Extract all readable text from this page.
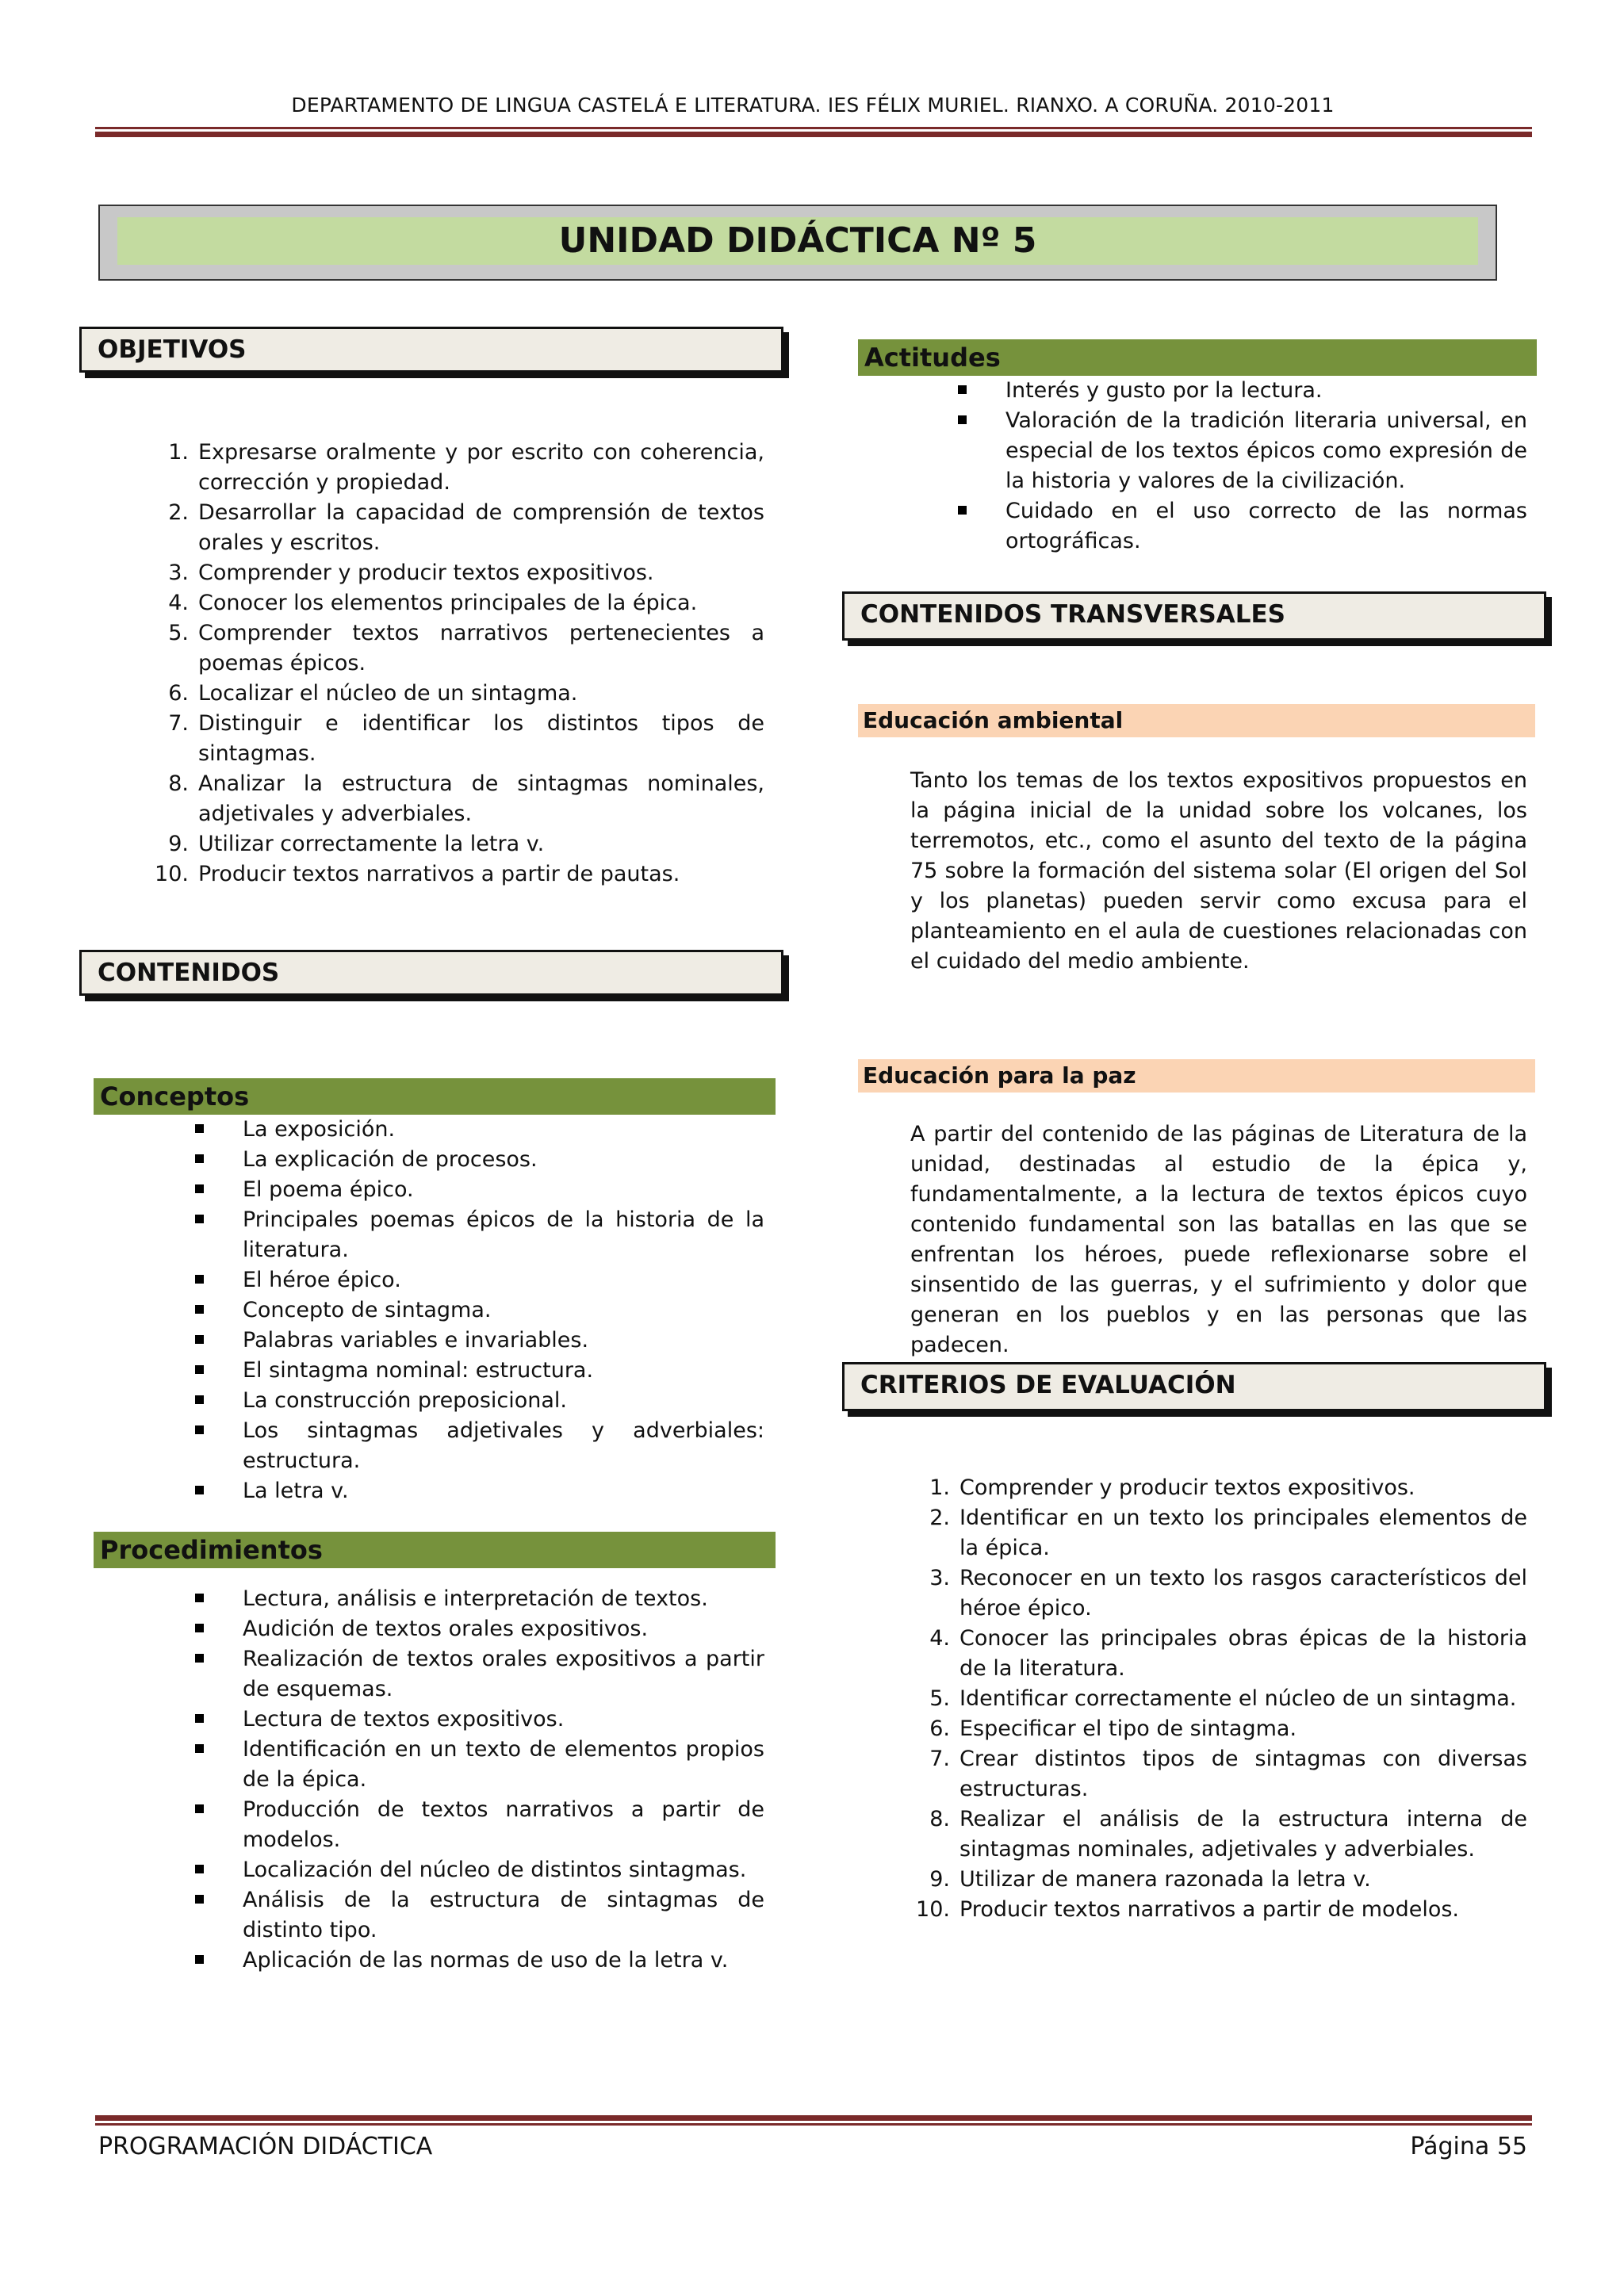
DEPARTAMENTO DE LINGUA CASTELÁ E LITERATURA. IES FÉLIX MURIEL. RIANXO. A CORUÑA. 2010-2011
UNIDAD DIDÁCTICA Nº 5
OBJETIVOS
1. Expresarse oralmente y por escrito con coherencia, corrección y propiedad.
2. Desarrollar la capacidad de comprensión de textos orales y escritos.
3. Comprender y producir textos expositivos.
4. Conocer los elementos principales de la épica.
5. Comprender textos narrativos pertenecientes a poemas épicos.
6. Localizar el núcleo de un sintagma.
7. Distinguir e identificar los distintos tipos de sintagmas.
8. Analizar la estructura de sintagmas nominales, adjetivales y adverbiales.
9. Utilizar correctamente la letra v.
10. Producir textos narrativos a partir de pautas.
CONTENIDOS
Conceptos
La exposición.
La explicación de procesos.
El poema épico.
Principales poemas épicos de la historia de la literatura.
El héroe épico.
Concepto de sintagma.
Palabras variables e invariables.
El sintagma nominal: estructura.
La construcción preposicional.
Los sintagmas adjetivales y adverbiales: estructura.
La letra v.
Procedimientos
Lectura, análisis e interpretación de textos.
Audición de textos orales expositivos.
Realización de textos orales expositivos a partir de esquemas.
Lectura de textos expositivos.
Identificación en un texto de elementos propios de la épica.
Producción de textos narrativos a partir de modelos.
Localización del núcleo de distintos sintagmas.
Análisis de la estructura de sintagmas de distinto tipo.
Aplicación de las normas de uso de la letra v.
Actitudes
Interés y gusto por la lectura.
Valoración de la tradición literaria universal, en especial de los textos épicos como expresión de la historia y valores de la civilización.
Cuidado en el uso correcto de las normas ortográficas.
CONTENIDOS TRANSVERSALES
Educación ambiental
Tanto los temas de los textos expositivos propuestos en la página inicial de la unidad sobre los volcanes, los terremotos, etc., como el asunto del texto de la página 75 sobre la formación del sistema solar (El origen del Sol y los planetas) pueden servir como excusa para el planteamiento en el aula de cuestiones relacionadas con el cuidado del medio ambiente.
Educación para la paz
A partir del contenido de las páginas de Literatura de la unidad, destinadas al estudio de la épica y, fundamentalmente, a la lectura de textos épicos cuyo contenido fundamental son las batallas en las que se enfrentan los héroes, puede reflexionarse sobre el sinsentido de las guerras, y el sufrimiento y dolor que generan en los pueblos y en las personas que las padecen.
CRITERIOS DE EVALUACIÓN
1. Comprender y producir textos expositivos.
2. Identificar en un texto los principales elementos de la épica.
3. Reconocer en un texto los rasgos característicos del héroe épico.
4. Conocer las principales obras épicas de la historia de la literatura.
5. Identificar correctamente el núcleo de un sintagma.
6. Especificar el tipo de sintagma.
7. Crear distintos tipos de sintagmas con diversas estructuras.
8. Realizar el análisis de la estructura interna de sintagmas nominales, adjetivales y adverbiales.
9. Utilizar de manera razonada la letra v.
10. Producir textos narrativos a partir de modelos.
PROGRAMACIÓN DIDÁCTICA	Página 55
